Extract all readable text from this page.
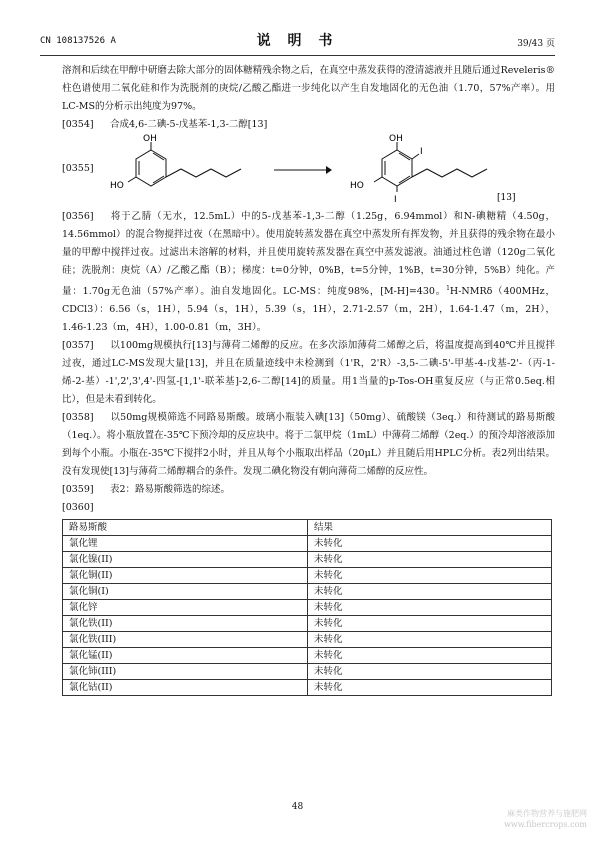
CN 108137526 A	说 明 书	39/43 页

溶剂和后续在甲醇中研磨去除大部分的固体糖精残余物之后，在真空中蒸发获得的澄清滤液并且随后通过Reveleris®柱色谱使用二氧化硅和作为洗脱剂的庚烷/乙酸乙酯进一步纯化以产生自发地固化的无色油（1.70，57%产率）。用LC-MS的分析示出纯度为97%。

[0354]	合成4,6-二碘-5-戊基苯-1,3-二醇[13]
[0355]
OH
HO	HO
OH
I
I	[13]

[0356] 将于乙腈（无水，12.5mL）中的5-戊基苯-1,3-二醇（1.25g，6.94mmol）和N-碘糖精（4.50g，14.56mmol）的混合物搅拌过夜（在黑暗中）。使用旋转蒸发器在真空中蒸发所有挥发物，并且获得的残余物在最小量的甲醇中搅拌过夜。过滤出未溶解的材料，并且使用旋转蒸发器在真空中蒸发滤液。油通过柱色谱（120g二氧化硅；洗脱剂：庚烷（A）/乙酸乙酯（B）；梯度：t=0分钟，0%B，t=5分钟，1%B，t=30分钟，5%B）纯化。产量：1.70g无色油（57%产率）。油自发地固化。LC-MS：纯度98%，[M-H]=430。$^1$H-NMRδ（400MHz，CDCl3）：6.56（s，1H），5.94（s，1H），5.39（s，1H），2.71-2.57（m，2H），1.64-1.47（m，2H），1.46-1.23（m，4H），1.00-0.81（m，3H）。

[0357] 以100mg规模执行[13]与薄荷二烯醇的反应。在多次添加薄荷二烯醇之后，将温度提高到40℃并且搅拌过夜，通过LC-MS发现大量[13]，并且在质量迹线中未检测到（1'R，2'R）-3,5-二碘-5'-甲基-4-戊基-2'-（丙-1-烯-2-基）-1',2',3',4'-四氢-[1,1'-联苯基]-2,6-二醇[14]的质量。用1当量的p-Tos-OH重复反应（与正常0.5eq.相比），但是未看到转化。

[0358] 以50mg规模筛选不同路易斯酸。玻璃小瓶装入碘[13]（50mg）、硫酸镁（3eq.）和待测试的路易斯酸（1eq.）。将小瓶放置在-35℃下预冷却的反应块中。将于二氯甲烷（1mL）中薄荷二烯醇（2eq.）的预冷却溶液添加到每个小瓶。小瓶在-35℃下搅拌2小时，并且从每个小瓶取出样品（20μL）并且随后用HPLC分析。表2列出结果。没有发现使[13]与薄荷二烯醇耦合的条件。发现二碘化物没有朝向薄荷二烯醇的反应性。

[0359]	表2：路易斯酸筛选的综述。
[0360]
路易斯酸	结果
氯化锂	未转化
氯化镍(II)	未转化
氯化铜(II)	未转化
氯化铜(I)	未转化
氯化锌	未转化
氯化铁(II)	未转化
氯化铁(III)	未转化
氯化锰(II)	未转化
氯化铈(III)	未转化
氯化钴(II)	未转化
48
麻类作物营养与施肥网
www.fibercrops.com
